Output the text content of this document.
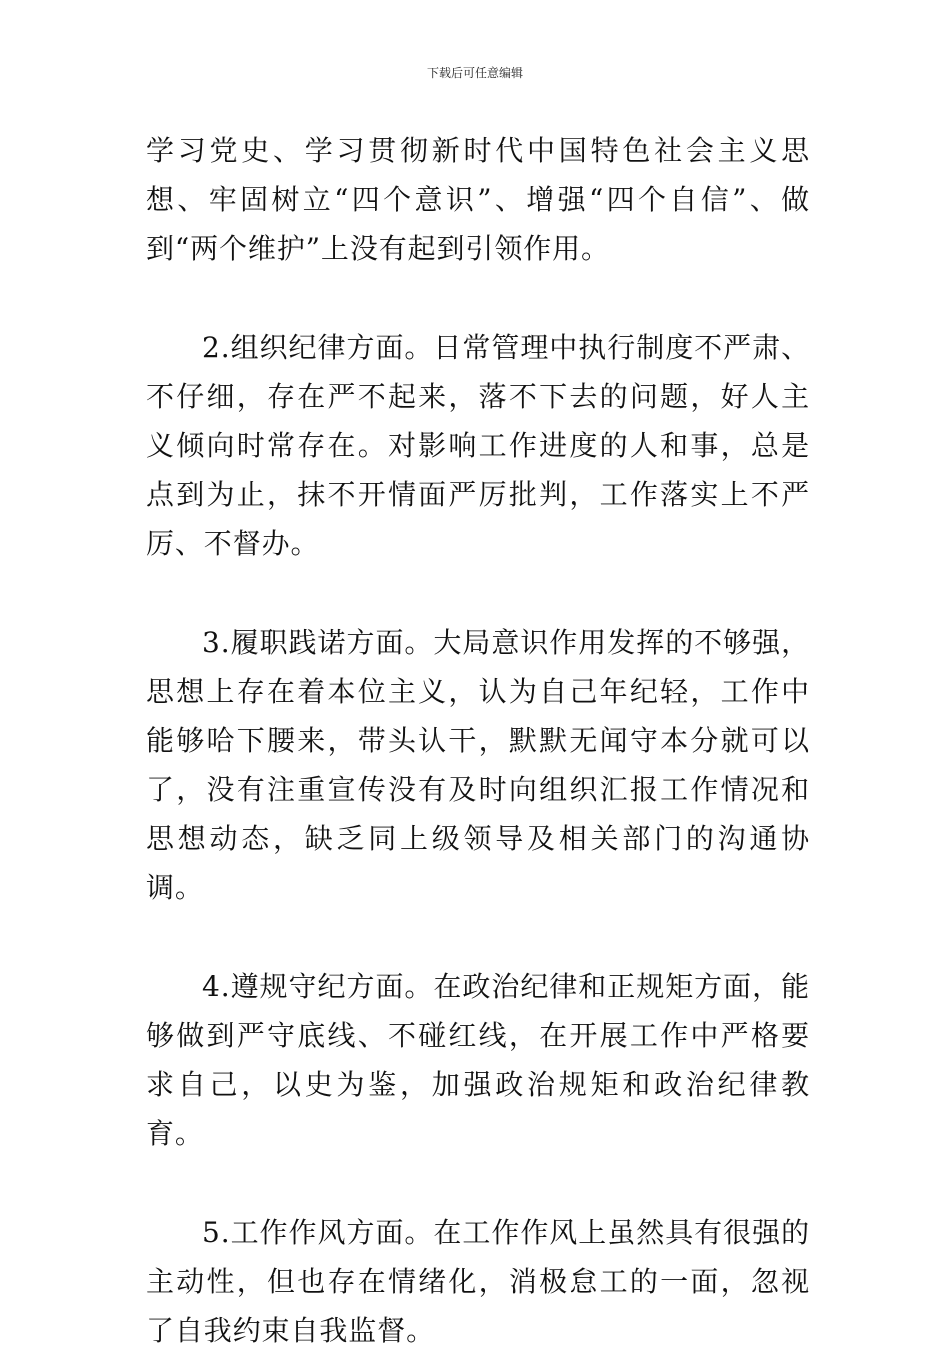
下载后可任意编辑

学习党史、学习贯彻新时代中国特色社会主义思想、牢固树立“四个意识”、增强“四个自信”、做到“两个维护”上没有起到引领作用。

2.组织纪律方面。日常管理中执行制度不严肃、不仔细，存在严不起来，落不下去的问题，好人主义倾向时常存在。对影响工作进度的人和事，总是点到为止，抹不开情面严厉批判，工作落实上不严厉、不督办。

3.履职践诺方面。大局意识作用发挥的不够强，思想上存在着本位主义，认为自己年纪轻，工作中能够哈下腰来，带头认干，默默无闻守本分就可以了，没有注重宣传没有及时向组织汇报工作情况和思想动态，缺乏同上级领导及相关部门的沟通协调。

4.遵规守纪方面。在政治纪律和正规矩方面，能够做到严守底线、不碰红线，在开展工作中严格要求自己，以史为鉴，加强政治规矩和政治纪律教育。

5.工作作风方面。在工作作风上虽然具有很强的主动性，但也存在情绪化，消极怠工的一面，忽视了自我约束自我监督。
